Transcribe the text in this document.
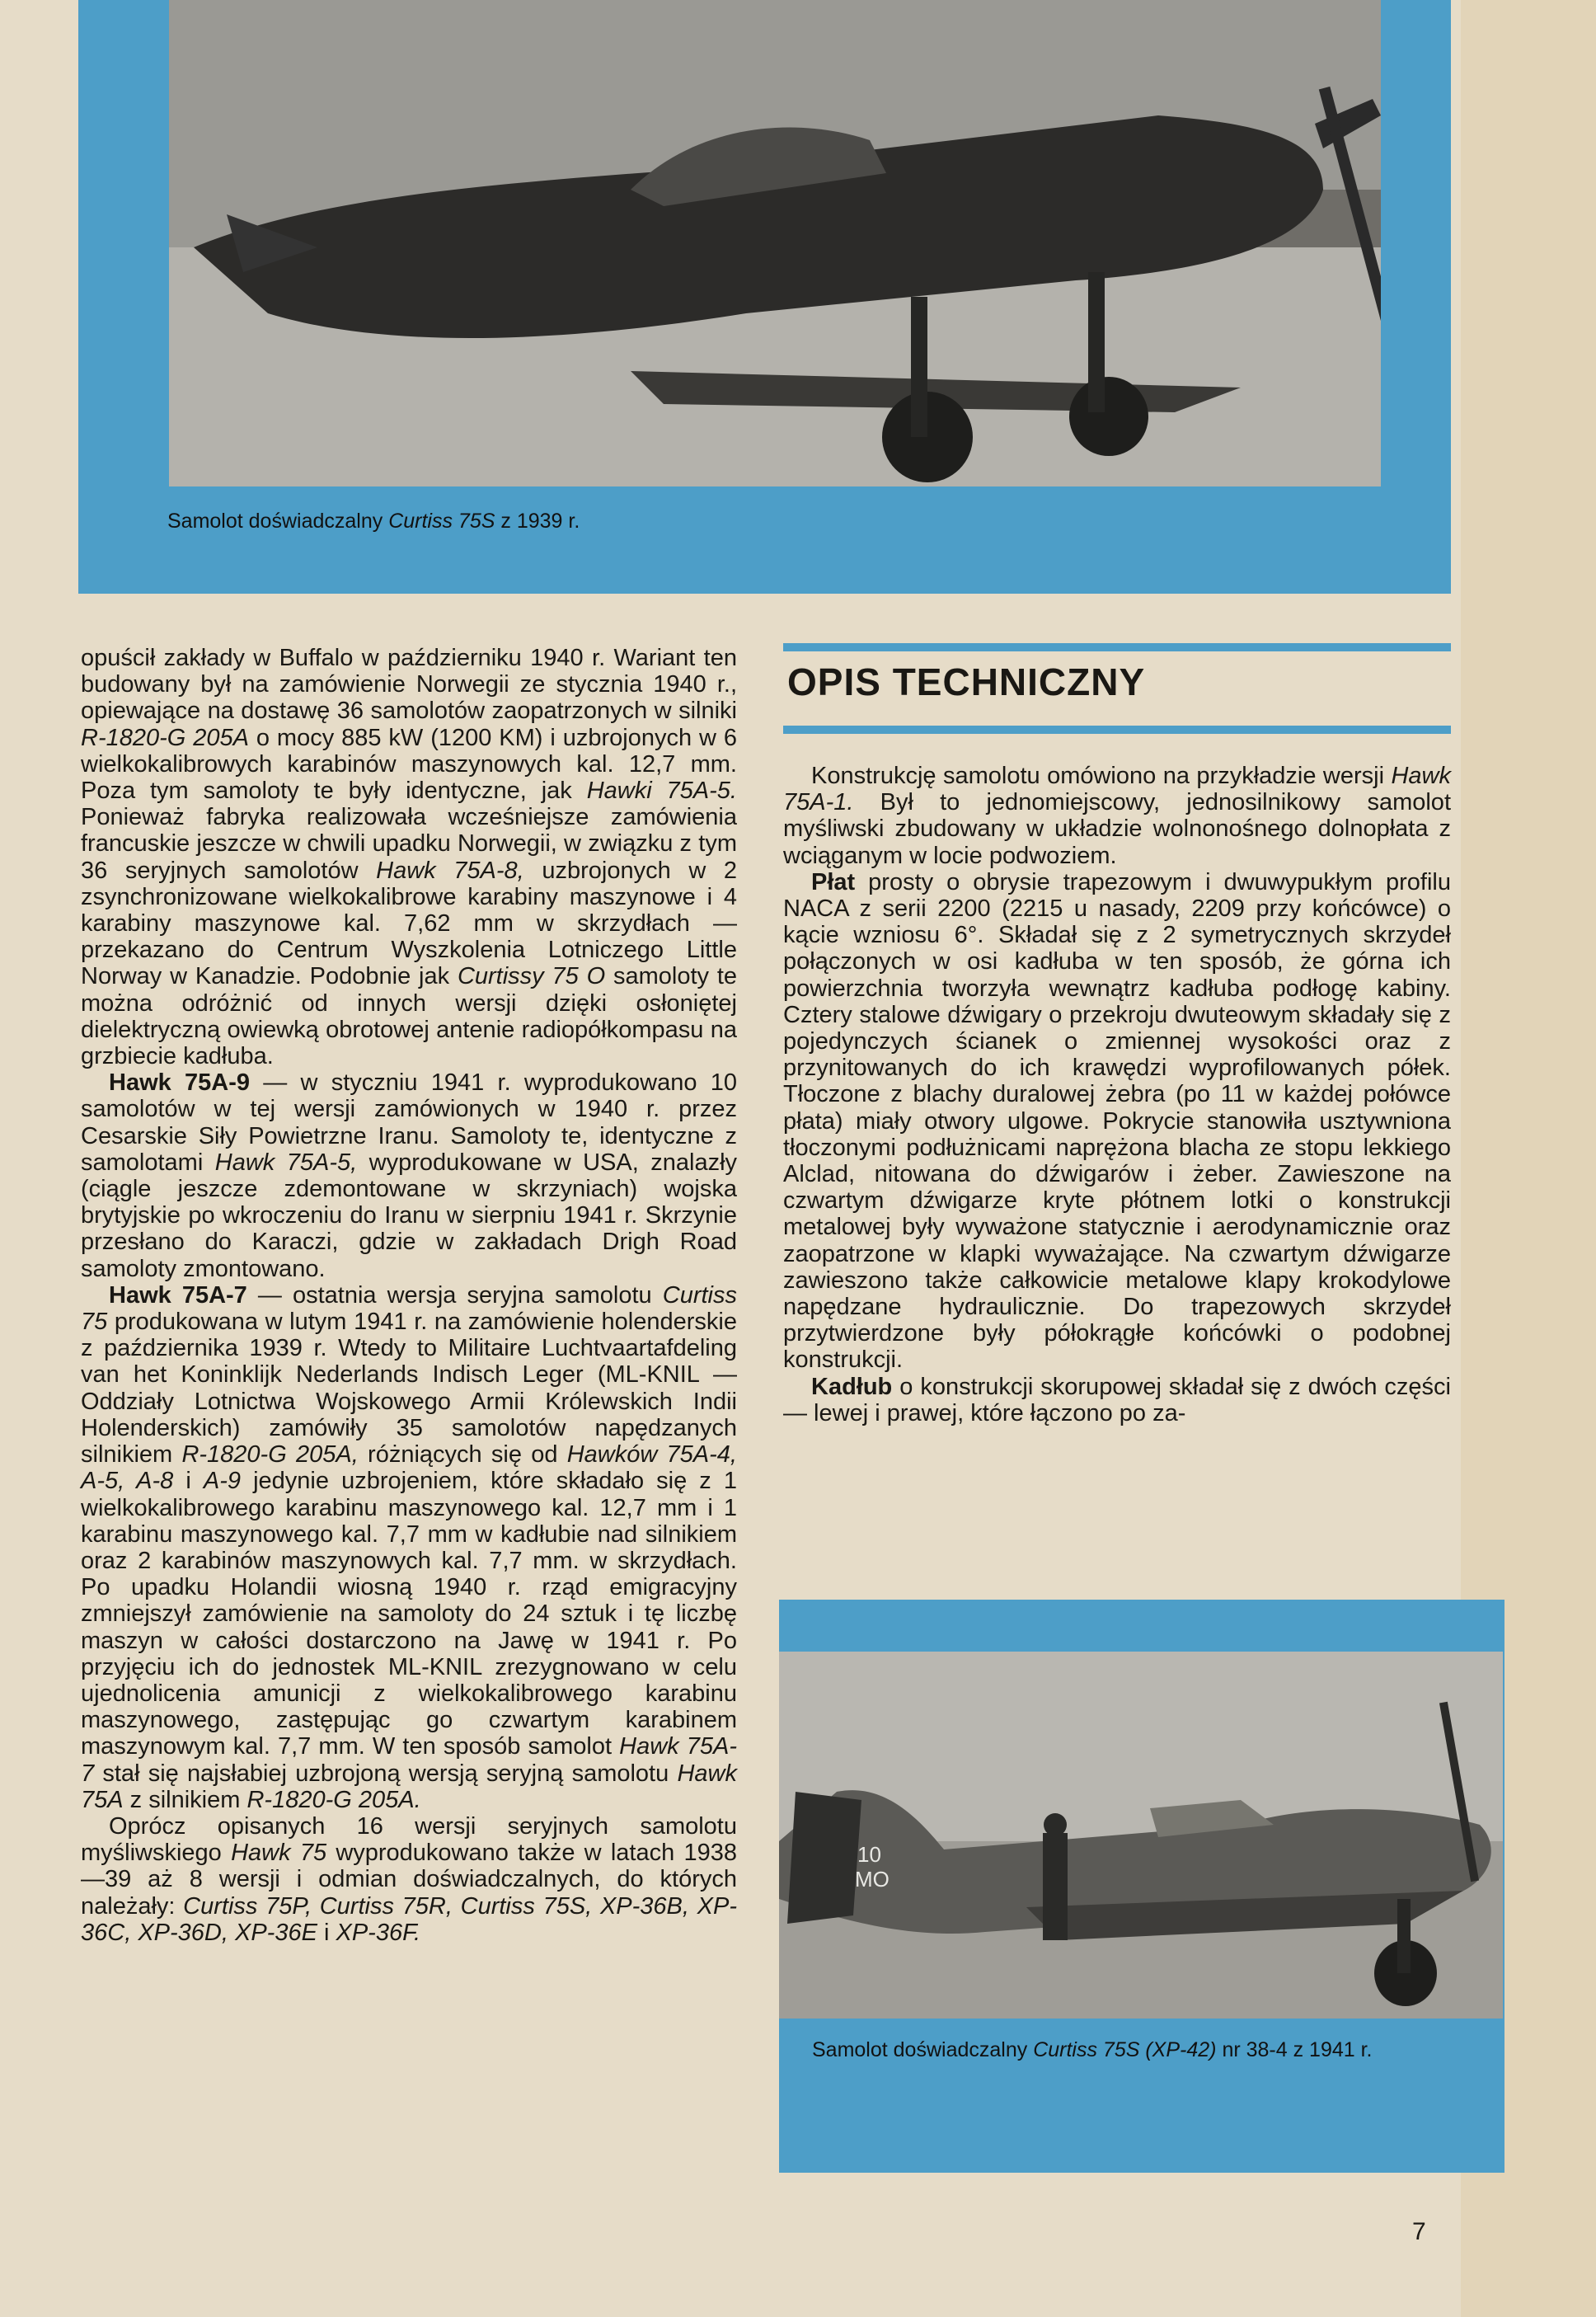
Samolot doświadczalny Curtiss 75S z 1939 r.

opuścił zakłady w Buffalo w październiku 1940 r. Wariant ten budowany był na zamówienie Norwegii ze stycznia 1940 r., opiewające na dostawę 36 samolotów zaopatrzonych w silniki R-1820-G 205A o mocy 885 kW (1200 KM) i uzbrojonych w 6 wielkokalibrowych karabinów maszynowych kal. 12,7 mm. Poza tym samoloty te były identyczne, jak Hawki 75A-5. Ponieważ fabryka realizowała wcześniejsze zamówienia francuskie jeszcze w chwili upadku Norwegii, w związku z tym 36 seryjnych samolotów Hawk 75A-8, uzbrojonych w 2 zsynchronizowane wielkokalibrowe karabiny maszynowe i 4 karabiny maszynowe kal. 7,62 mm w skrzydłach — przekazano do Centrum Wyszkolenia Lotniczego Little Norway w Kanadzie. Podobnie jak Curtissy 75 O samoloty te można odróżnić od innych wersji dzięki osłoniętej dielektryczną owiewką obrotowej antenie radiopółkompasu na grzbiecie kadłuba.

Hawk 75A-9 — w styczniu 1941 r. wyprodukowano 10 samolotów w tej wersji zamówionych w 1940 r. przez Cesarskie Siły Powietrzne Iranu. Samoloty te, identyczne z samolotami Hawk 75A-5, wyprodukowane w USA, znalazły (ciągle jeszcze zdemontowane w skrzyniach) wojska brytyjskie po wkroczeniu do Iranu w sierpniu 1941 r. Skrzynie przesłano do Karaczi, gdzie w zakładach Drigh Road samoloty zmontowano.

Hawk 75A-7 — ostatnia wersja seryjna samolotu Curtiss 75 produkowana w lutym 1941 r. na zamówienie holenderskie z października 1939 r. Wtedy to Militaire Luchtvaartafdeling van het Koninklijk Nederlands Indisch Leger (ML-KNIL — Oddziały Lotnictwa Wojskowego Armii Królewskich Indii Holenderskich) zamówiły 35 samolotów napędzanych silnikiem R-1820-G 205A, różniących się od Hawków 75A-4, A-5, A-8 i A-9 jedynie uzbrojeniem, które składało się z 1 wielkokalibrowego karabinu maszynowego kal. 12,7 mm i 1 karabinu maszynowego kal. 7,7 mm w kadłubie nad silnikiem oraz 2 karabinów maszynowych kal. 7,7 mm. w skrzydłach. Po upadku Holandii wiosną 1940 r. rząd emigracyjny zmniejszył zamówienie na samoloty do 24 sztuk i tę liczbę maszyn w całości dostarczono na Jawę w 1941 r. Po przyjęciu ich do jednostek ML-KNIL zrezygnowano w celu ujednolicenia amunicji z wielkokalibrowego karabinu maszynowego, zastępując go czwartym karabinem maszynowym kal. 7,7 mm. W ten sposób samolot Hawk 75A-7 stał się najsłabiej uzbrojoną wersją seryjną samolotu Hawk 75A z silnikiem R-1820-G 205A.

Oprócz opisanych 16 wersji seryjnych samolotu myśliwskiego Hawk 75 wyprodukowano także w latach 1938—39 aż 8 wersji i odmian doświadczalnych, do których należały: Curtiss 75P, Curtiss 75R, Curtiss 75S, XP-36B, XP-36C, XP-36D, XP-36E i XP-36F.

OPIS TECHNICZNY

Konstrukcję samolotu omówiono na przykładzie wersji Hawk 75A-1. Był to jednomiejscowy, jednosilnikowy samolot myśliwski zbudowany w układzie wolnonośnego dolnopłata z wciąganym w locie podwoziem.

Płat prosty o obrysie trapezowym i dwuwypukłym profilu NACA z serii 2200 (2215 u nasady, 2209 przy końcówce) o kącie wzniosu 6°. Składał się z 2 symetrycznych skrzydeł połączonych w osi kadłuba w ten sposób, że górna ich powierzchnia tworzyła wewnątrz kadłuba podłogę kabiny. Cztery stalowe dźwigary o przekroju dwuteowym składały się z pojedynczych ścianek o zmiennej wysokości oraz z przynitowanych do ich krawędzi wyprofilowanych półek. Tłoczone z blachy duralowej żebra (po 11 w każdej połówce płata) miały otwory ulgowe. Pokrycie stanowiła usztywniona tłoczonymi podłużnicami naprężona blacha ze stopu lekkiego Alclad, nitowana do dźwigarów i żeber. Zawieszone na czwartym dźwigarze kryte płótnem lotki o konstrukcji metalowej były wyważone statycznie i aerodynamicznie oraz zaopatrzone w klapki wyważające. Na czwartym dźwigarze zawieszono także całkowicie metalowe klapy krokodylowe napędzane hydraulicznie. Do trapezowych skrzydeł przytwierdzone były półokrągłe końcówki o podobnej konstrukcji.

Kadłub o konstrukcji skorupowej składał się z dwóch części — lewej i prawej, które łączono po za-

10
MO
Samolot doświadczalny Curtiss 75S (XP-42) nr 38-4 z 1941 r.
7
